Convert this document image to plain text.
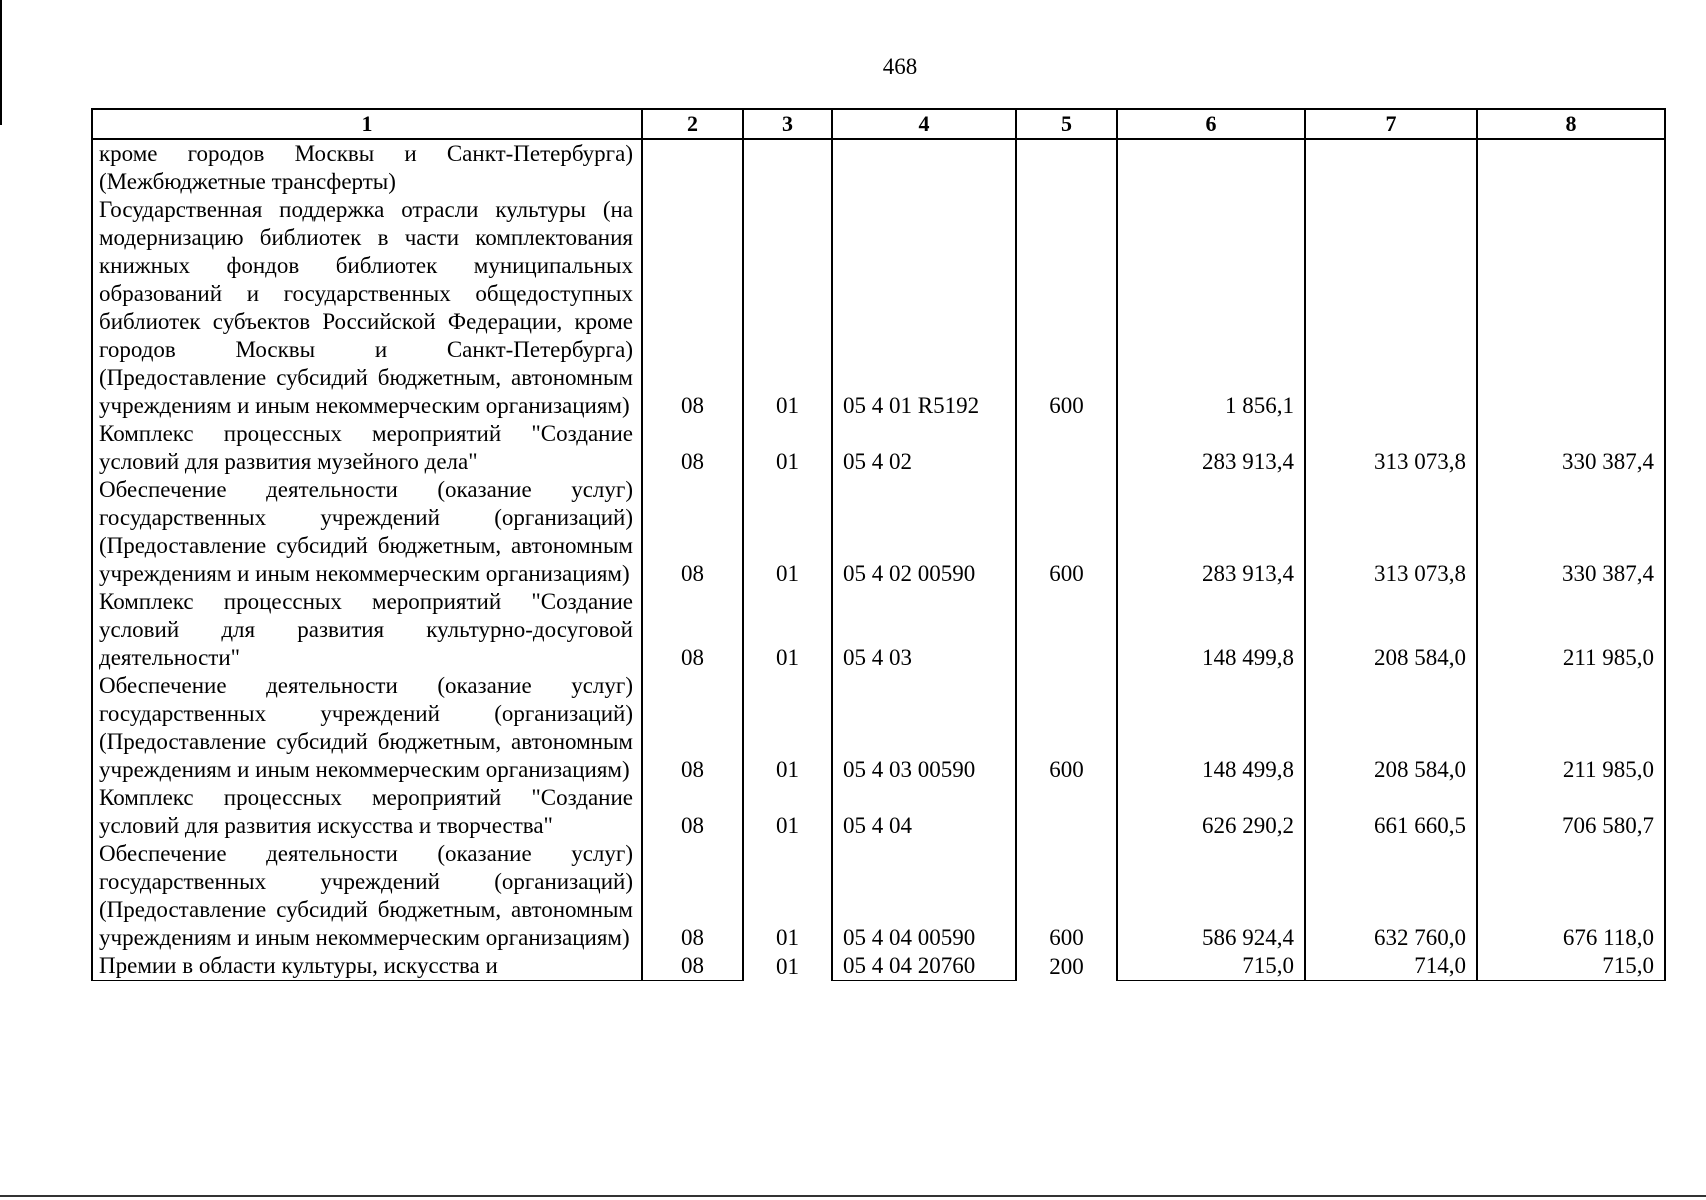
468
1	2	3	4	5	6	7	8
кроме городов Москвы и Санкт-Петербурга) (Межбюджетные трансферты)							
Государственная поддержка отрасли культуры (на модернизацию библиотек в части комплектования книжных фондов библиотек муниципальных образований и государственных общедоступных библиотек субъектов Российской Федерации, кроме городов Москвы и Санкт-Петербурга) (Предоставление субсидий бюджетным, автономным учреждениям и иным некоммерческим организациям)	08	01	05 4 01 R5192	600	1 856,1		
Комплекс процессных мероприятий "Создание условий для развития музейного дела"	08	01	05 4 02		283 913,4	313 073,8	330 387,4
Обеспечение деятельности (оказание услуг) государственных учреждений (организаций) (Предоставление субсидий бюджетным, автономным учреждениям и иным некоммерческим организациям)	08	01	05 4 02 00590	600	283 913,4	313 073,8	330 387,4
Комплекс процессных мероприятий "Создание условий для развития культурно-досуговой деятельности"	08	01	05 4 03		148 499,8	208 584,0	211 985,0
Обеспечение деятельности (оказание услуг) государственных учреждений (организаций) (Предоставление субсидий бюджетным, автономным учреждениям и иным некоммерческим организациям)	08	01	05 4 03 00590	600	148 499,8	208 584,0	211 985,0
Комплекс процессных мероприятий "Создание условий для развития искусства и творчества"	08	01	05 4 04		626 290,2	661 660,5	706 580,7
Обеспечение деятельности (оказание услуг) государственных учреждений (организаций) (Предоставление субсидий бюджетным, автономным учреждениям и иным некоммерческим организациям)	08	01	05 4 04 00590	600	586 924,4	632 760,0	676 118,0
Премии в области культуры, искусства и	08	01	05 4 04 20760	200	715,0	714,0	715,0
